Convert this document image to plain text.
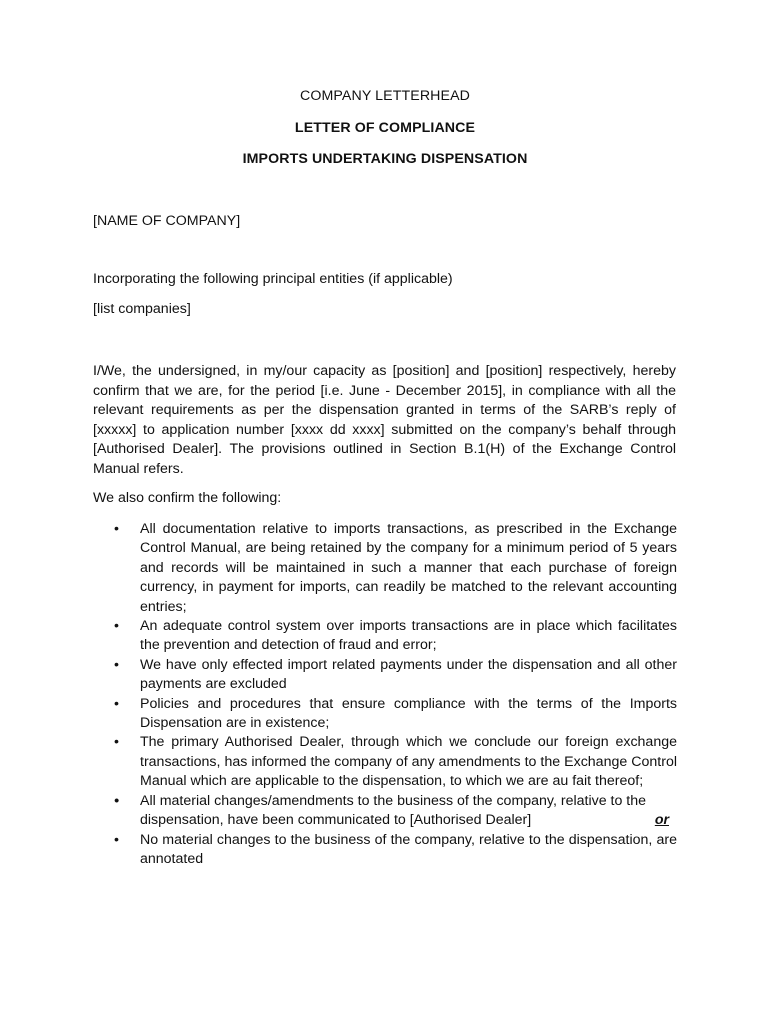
COMPANY LETTERHEAD
LETTER OF COMPLIANCE
IMPORTS UNDERTAKING DISPENSATION
[NAME OF COMPANY]
Incorporating the following principal entities (if applicable)
[list companies]
I/We, the undersigned, in my/our capacity as [position] and [position] respectively, hereby confirm that we are, for the period [i.e. June - December 2015], in compliance with all the relevant requirements as per the dispensation granted in terms of the SARB’s reply of [xxxxx] to application number [xxxx dd xxxx] submitted on the company’s behalf through [Authorised Dealer]. The provisions outlined in Section B.1(H) of the Exchange Control Manual refers.
We also confirm the following:
•	All documentation relative to imports transactions, as prescribed in the Exchange Control Manual, are being retained by the company for a minimum period of 5 years and records will be maintained in such a manner that each purchase of foreign currency, in payment for imports, can readily be matched to the relevant accounting entries;
•	An adequate control system over imports transactions are in place which facilitates the prevention and detection of fraud and error;
•	We have only effected import related payments under the dispensation and all other payments are excluded
•	Policies and procedures that ensure compliance with the terms of the Imports Dispensation are in existence;
•	The primary Authorised Dealer, through which we conclude our foreign exchange transactions, has informed the company of any amendments to the Exchange Control Manual which are applicable to the dispensation, to which we are au fait thereof;
•	All material changes/amendments to the business of the company, relative to the dispensation, have been communicated to [Authorised Dealer]	or
•	No material changes to the business of the company, relative to the dispensation, are annotated
